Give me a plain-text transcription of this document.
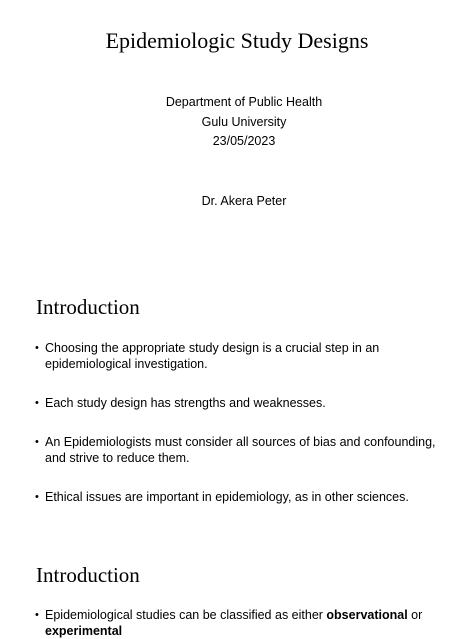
Epidemiologic Study Designs
Department of Public Health
Gulu University
23/05/2023
Dr. Akera Peter
Introduction
• Choosing the appropriate study design is a crucial step in an epidemiological investigation.
• Each study design has strengths and weaknesses.
• An Epidemiologists must consider all sources of bias and confounding, and strive to reduce them.
• Ethical issues are important in epidemiology, as in other sciences.
Introduction
• Epidemiological studies can be classified as either observational or
experimental
